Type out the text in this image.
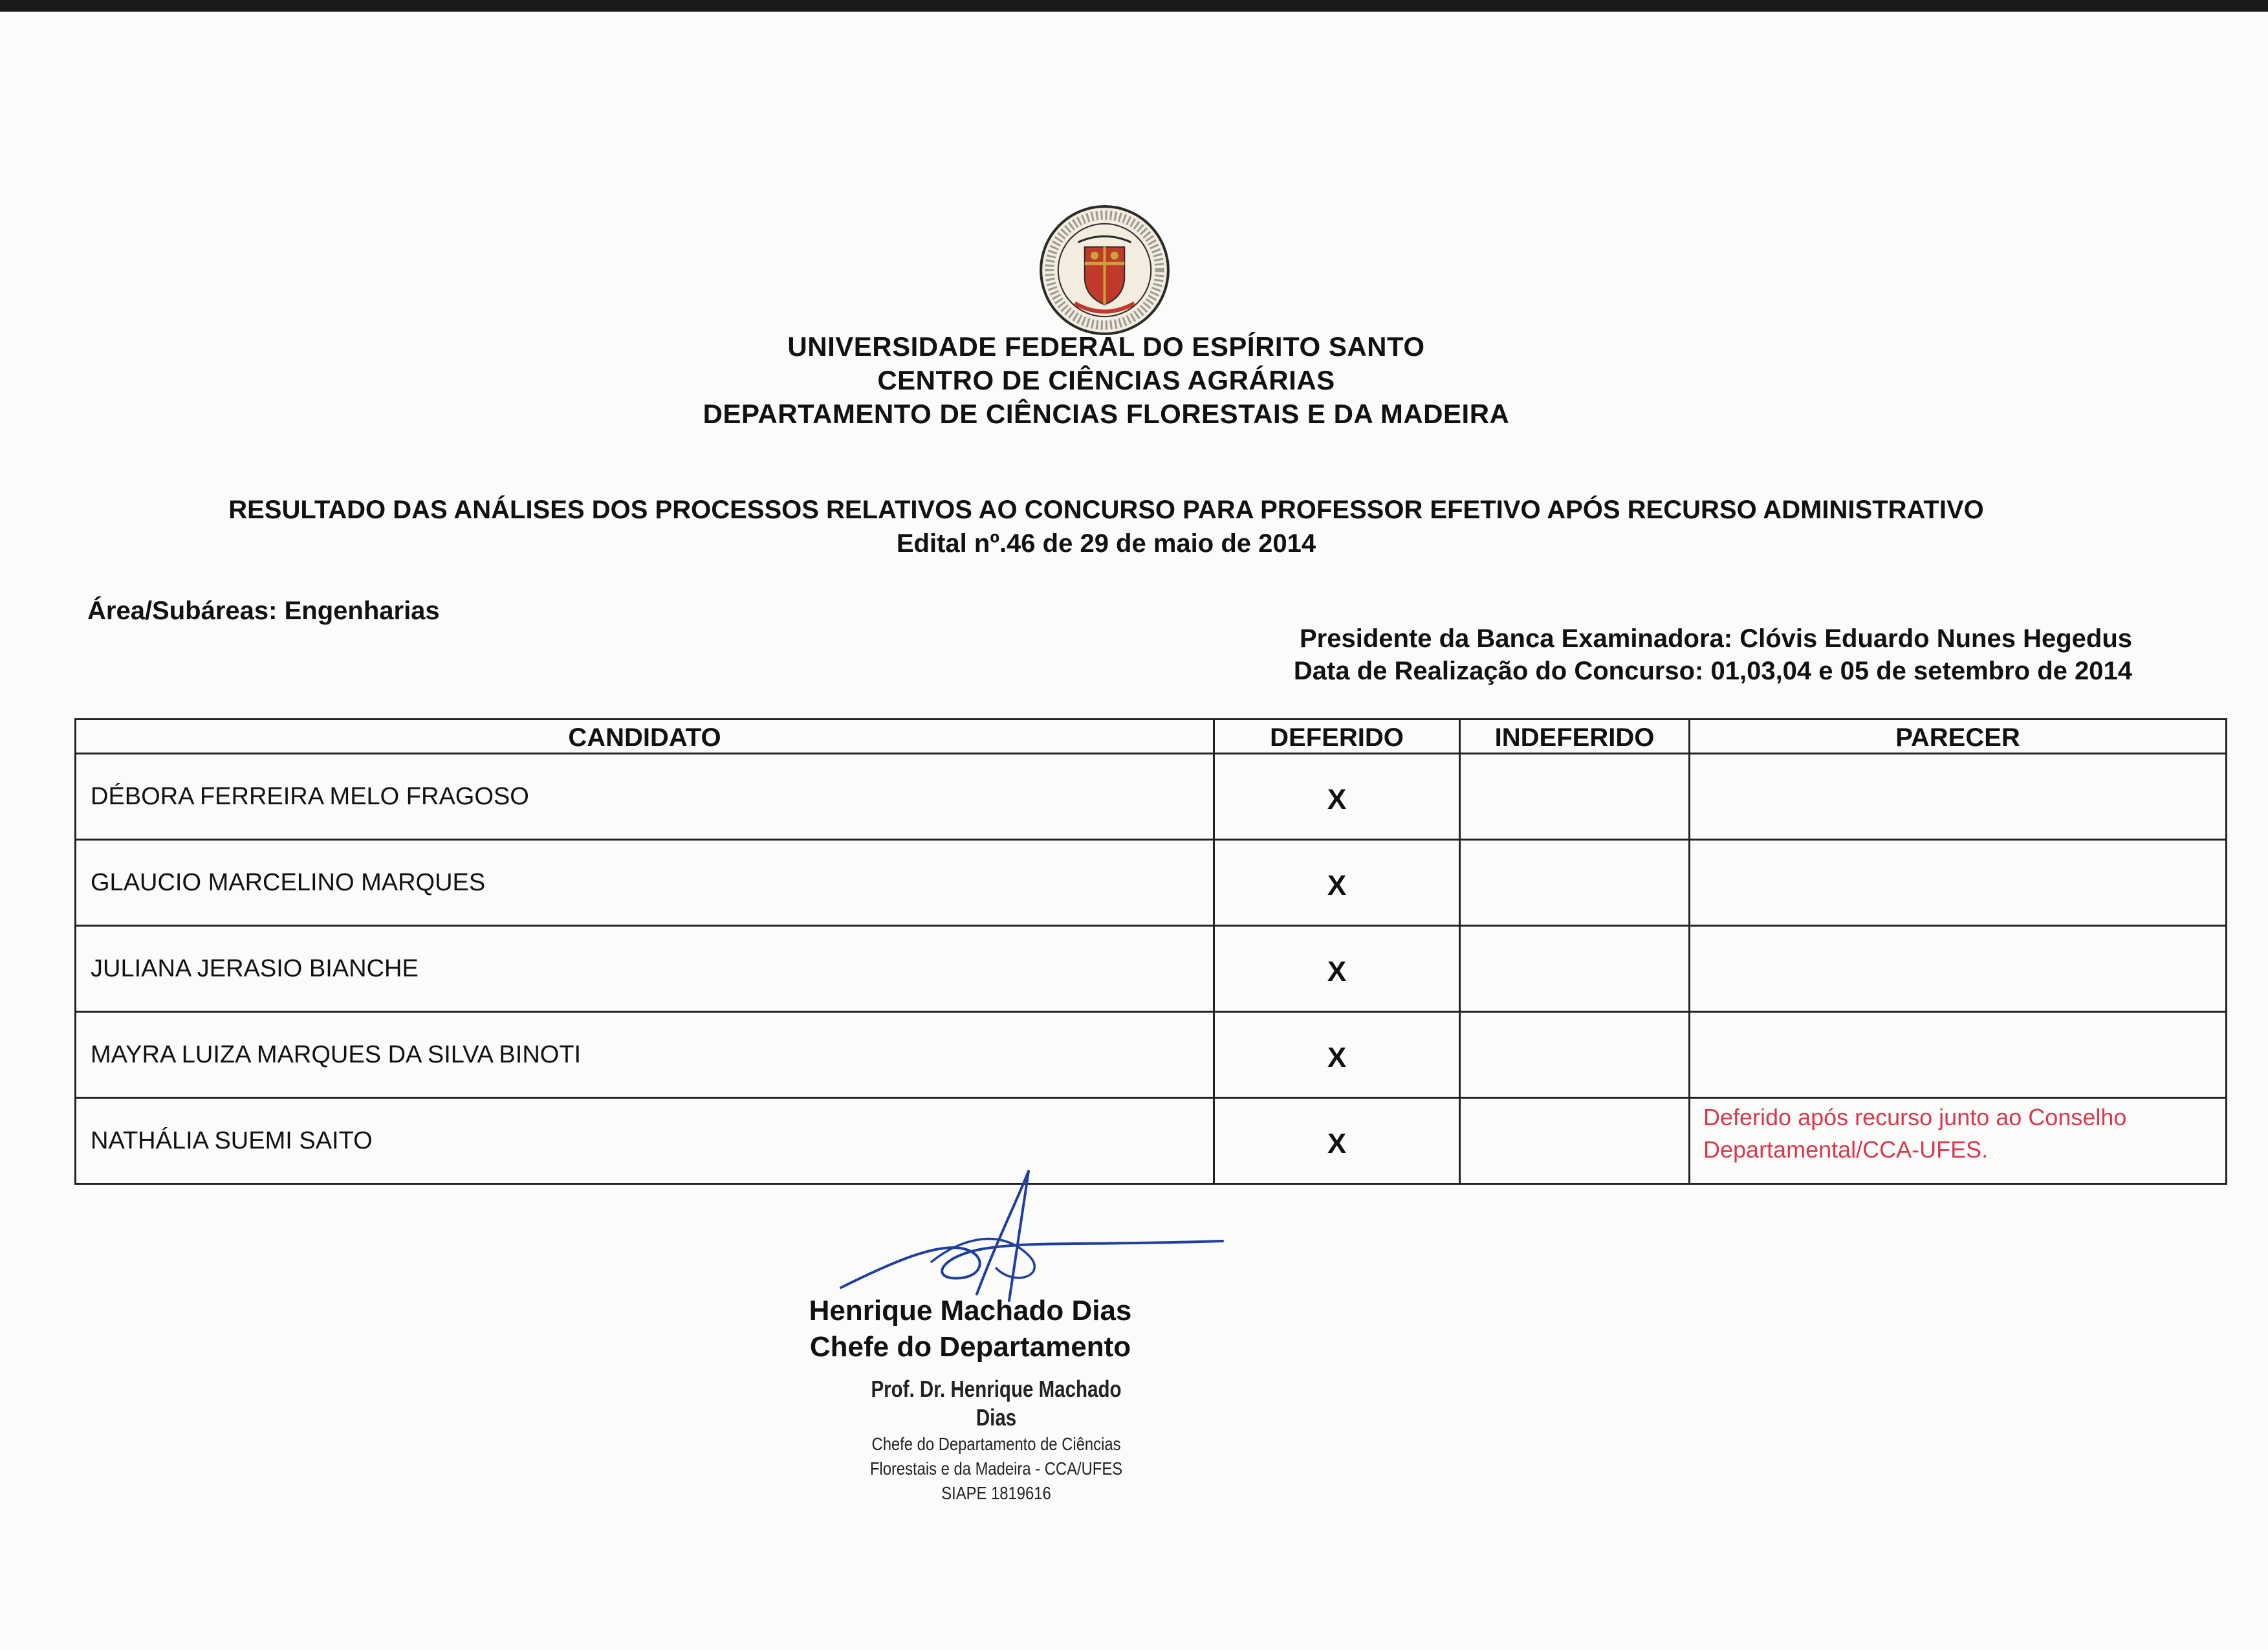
UNIVERSIDADE FEDERAL DO ESPÍRITO SANTO
CENTRO DE CIÊNCIAS AGRÁRIAS
DEPARTAMENTO DE CIÊNCIAS FLORESTAIS E DA MADEIRA
RESULTADO DAS ANÁLISES DOS PROCESSOS RELATIVOS AO CONCURSO PARA PROFESSOR EFETIVO APÓS RECURSO ADMINISTRATIVO
Edital nº.46 de 29 de maio de 2014
Área/Subáreas: Engenharias
Presidente da Banca Examinadora: Clóvis Eduardo Nunes Hegedus
Data de Realização do Concurso: 01,03,04 e 05 de setembro de 2014
CANDIDATO	DEFERIDO	INDEFERIDO	PARECER
DÉBORA FERREIRA MELO FRAGOSO	X		
GLAUCIO MARCELINO MARQUES	X		
JULIANA JERASIO BIANCHE	X		
MAYRA LUIZA MARQUES DA SILVA BINOTI	X		
NATHÁLIA SUEMI SAITO	X		Deferido após recurso junto ao Conselho Departamental/CCA-UFES.
Henrique Machado Dias
Chefe do Departamento
Prof. Dr. Henrique Machado Dias
Chefe do Departamento de Ciências
Florestais e da Madeira - CCA/UFES
SIAPE 1819616
